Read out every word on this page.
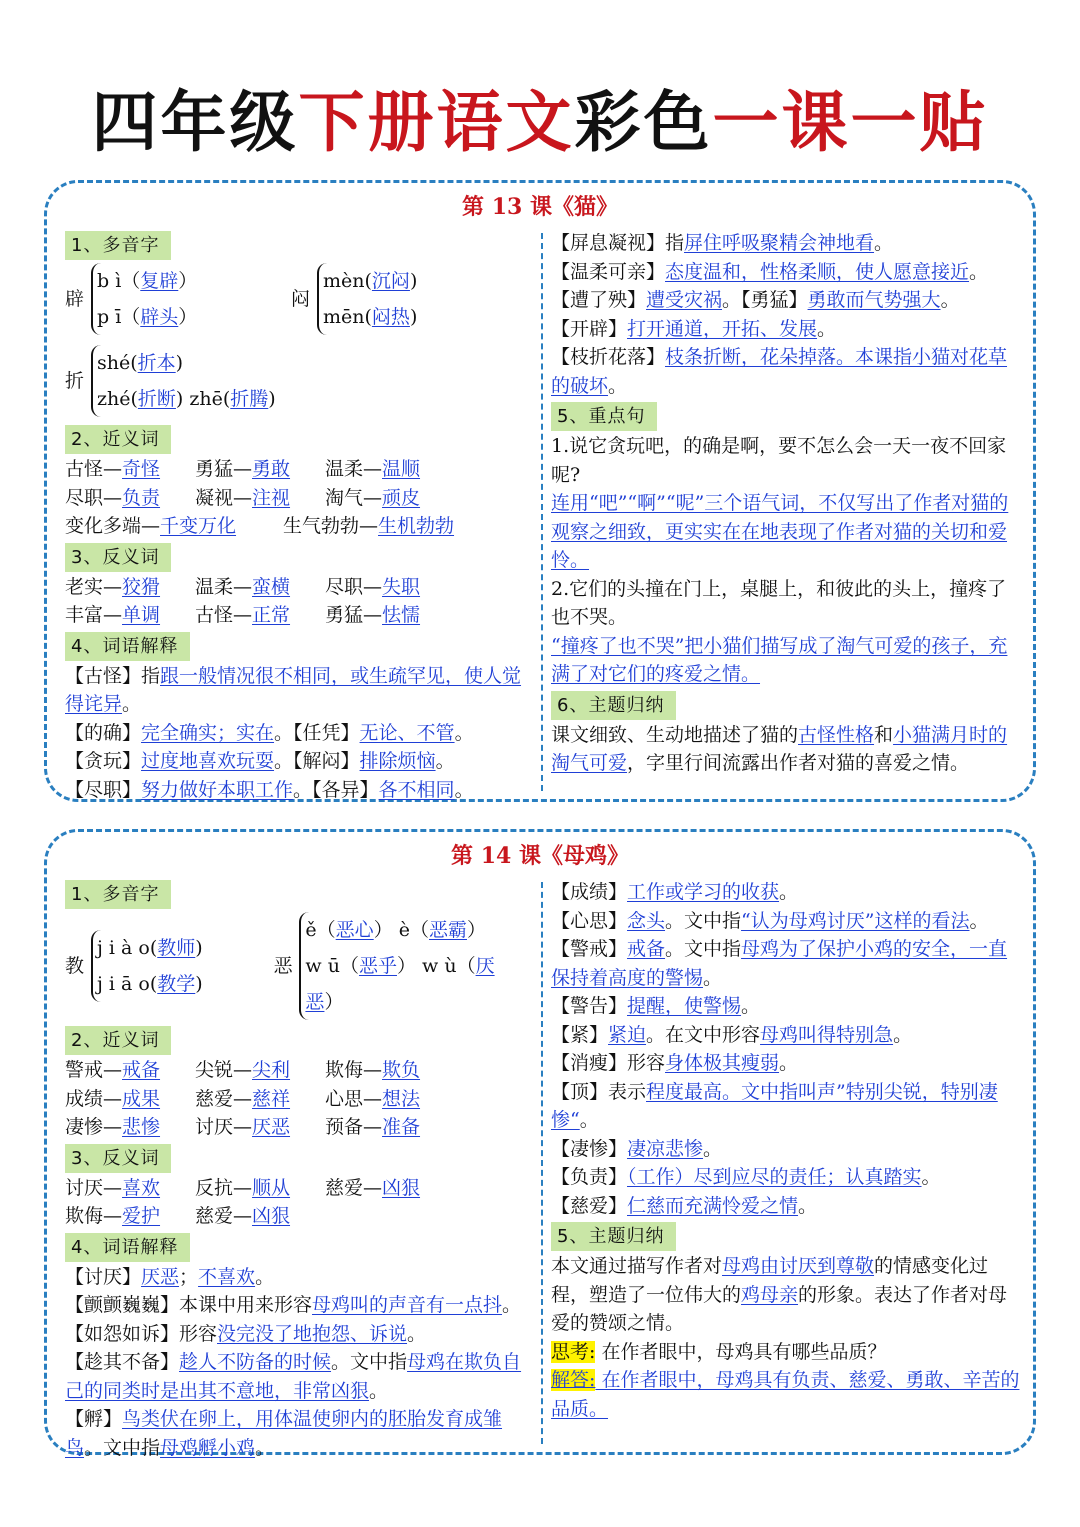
四年级下册语文彩色一课一贴
第 13 课《猫》
1、多音字
辟
b ì（复辟）
p ī（辟头）
闷
mèn(沉闷)
mēn(闷热)
折
shé(折本)
zhé(折断) zhē(折腾)
2、近义词
古怪—奇怪 勇猛—勇敢 温柔—温顺
尽职—负责 凝视—注视 淘气—顽皮
变化多端—千变万化 生气勃勃—生机勃勃
3、反义词
老实—狡猾 温柔—蛮横 尽职—失职
丰富—单调 古怪—正常 勇猛—怯懦
4、词语解释
【古怪】指跟一般情况很不相同，或生疏罕见，使人觉得诧异。
【的确】完全确实；实在。【任凭】无论、不管。
【贪玩】过度地喜欢玩耍。【解闷】排除烦恼。
【尽职】努力做好本职工作。【各异】各不相同。
【屏息凝视】指屏住呼吸聚精会神地看。
【温柔可亲】态度温和，性格柔顺，使人愿意接近。
【遭了殃】遭受灾祸。【勇猛】勇敢而气势强大。
【开辟】打开通道，开拓、发展。
【枝折花落】枝条折断，花朵掉落。本课指小猫对花草的破坏。
5、重点句
1.说它贪玩吧，的确是啊，要不怎么会一天一夜不回家呢?
连用“吧”“啊”“呢”三个语气词，不仅写出了作者对猫的观察之细致，更实实在在地表现了作者对猫的关切和爱怜。
2.它们的头撞在门上，桌腿上，和彼此的头上，撞疼了也不哭。
“撞疼了也不哭”把小猫们描写成了淘气可爱的孩子，充满了对它们的疼爱之情。
6、主题归纳
课文细致、生动地描述了猫的古怪性格和小猫满月时的淘气可爱，字里行间流露出作者对猫的喜爱之情。
第 14 课《母鸡》
1、多音字
教
j i à o(教师)
j i ā o(教学)
恶
ě（恶心） è（恶霸）
w ū（恶乎） w ù（厌恶）
2、近义词
警戒—戒备 尖锐—尖利 欺侮—欺负
成绩—成果 慈爱—慈祥 心思—想法
凄惨—悲惨 讨厌—厌恶 预备—准备
3、反义词
讨厌—喜欢 反抗—顺从 慈爱—凶狠
欺侮—爱护 慈爱—凶狠
4、词语解释
【讨厌】厌恶；不喜欢。
【颤颤巍巍】本课中用来形容母鸡叫的声音有一点抖。
【如怨如诉】形容没完没了地抱怨、诉说。
【趁其不备】趁人不防备的时候。文中指母鸡在欺负自己的同类时是出其不意地，非常凶狠。
【孵】鸟类伏在卵上，用体温使卵内的胚胎发育成雏鸟。文中指母鸡孵小鸡。
【成绩】工作或学习的收获。
【心思】念头。文中指“认为母鸡讨厌”这样的看法。
【警戒】戒备。文中指母鸡为了保护小鸡的安全，一直保持着高度的警惕。
【警告】提醒，使警惕。
【紧】紧迫。在文中形容母鸡叫得特别急。
【消瘦】形容身体极其瘦弱。
【顶】表示程度最高。文中指叫声”特别尖锐，特别凄惨“。
【凄惨】凄凉悲惨。
【负责】（工作）尽到应尽的责任；认真踏实。
【慈爱】仁慈而充满怜爱之情。
5、主题归纳
本文通过描写作者对母鸡由讨厌到尊敬的情感变化过程，塑造了一位伟大的鸡母亲的形象。表达了作者对母爱的赞颂之情。
思考: 在作者眼中，母鸡具有哪些品质？
解答: 在作者眼中，母鸡具有负责、慈爱、勇敢、辛苦的品质。
